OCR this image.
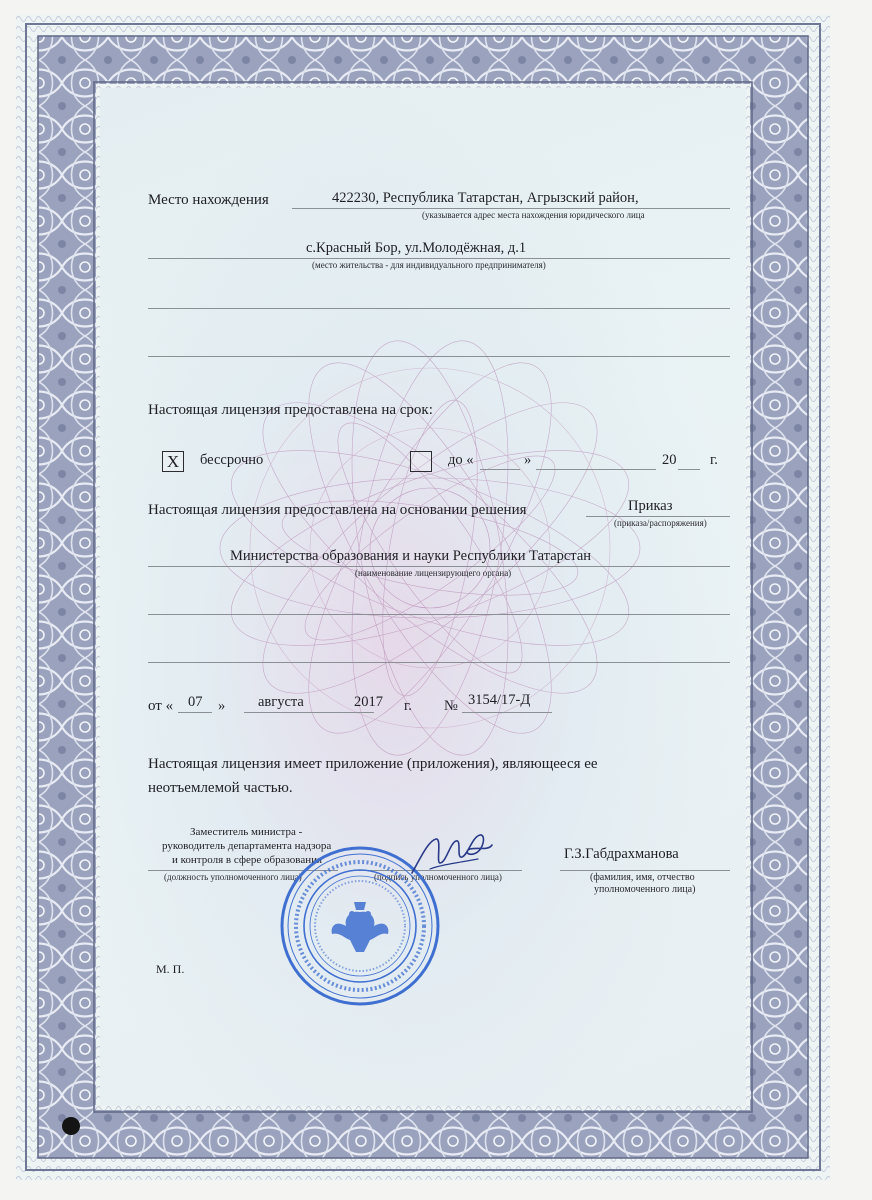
Место нахождения	422230, Республика Татарстан, Агрызский район,
(указывается адрес места нахождения юридического лица
с.Красный Бор, ул.Молодёжная, д.1
(место жительства - для индивидуального предпринимателя)
Настоящая лицензия предоставлена на срок:
X	бессрочно	до «	»	20 г.
Настоящая лицензия предоставлена на основании решения	Приказ
(приказа/распоряжения)
Министерства образования и науки Республики Татарстан
(наименование лицензирующего органа)
от « 07 » августа	2017 г. № 3154/17-Д
Настоящая лицензия имеет приложение (приложения), являющееся ее
неотъемлемой частью.
Заместитель министра -
руководитель департамента надзора
и контроля в сфере образования
(должность уполномоченного лица)	(подпись уполномоченного лица)
Г.З.Габдрахманова
(фамилия, имя, отчество
уполномоченного лица)
М. П.
